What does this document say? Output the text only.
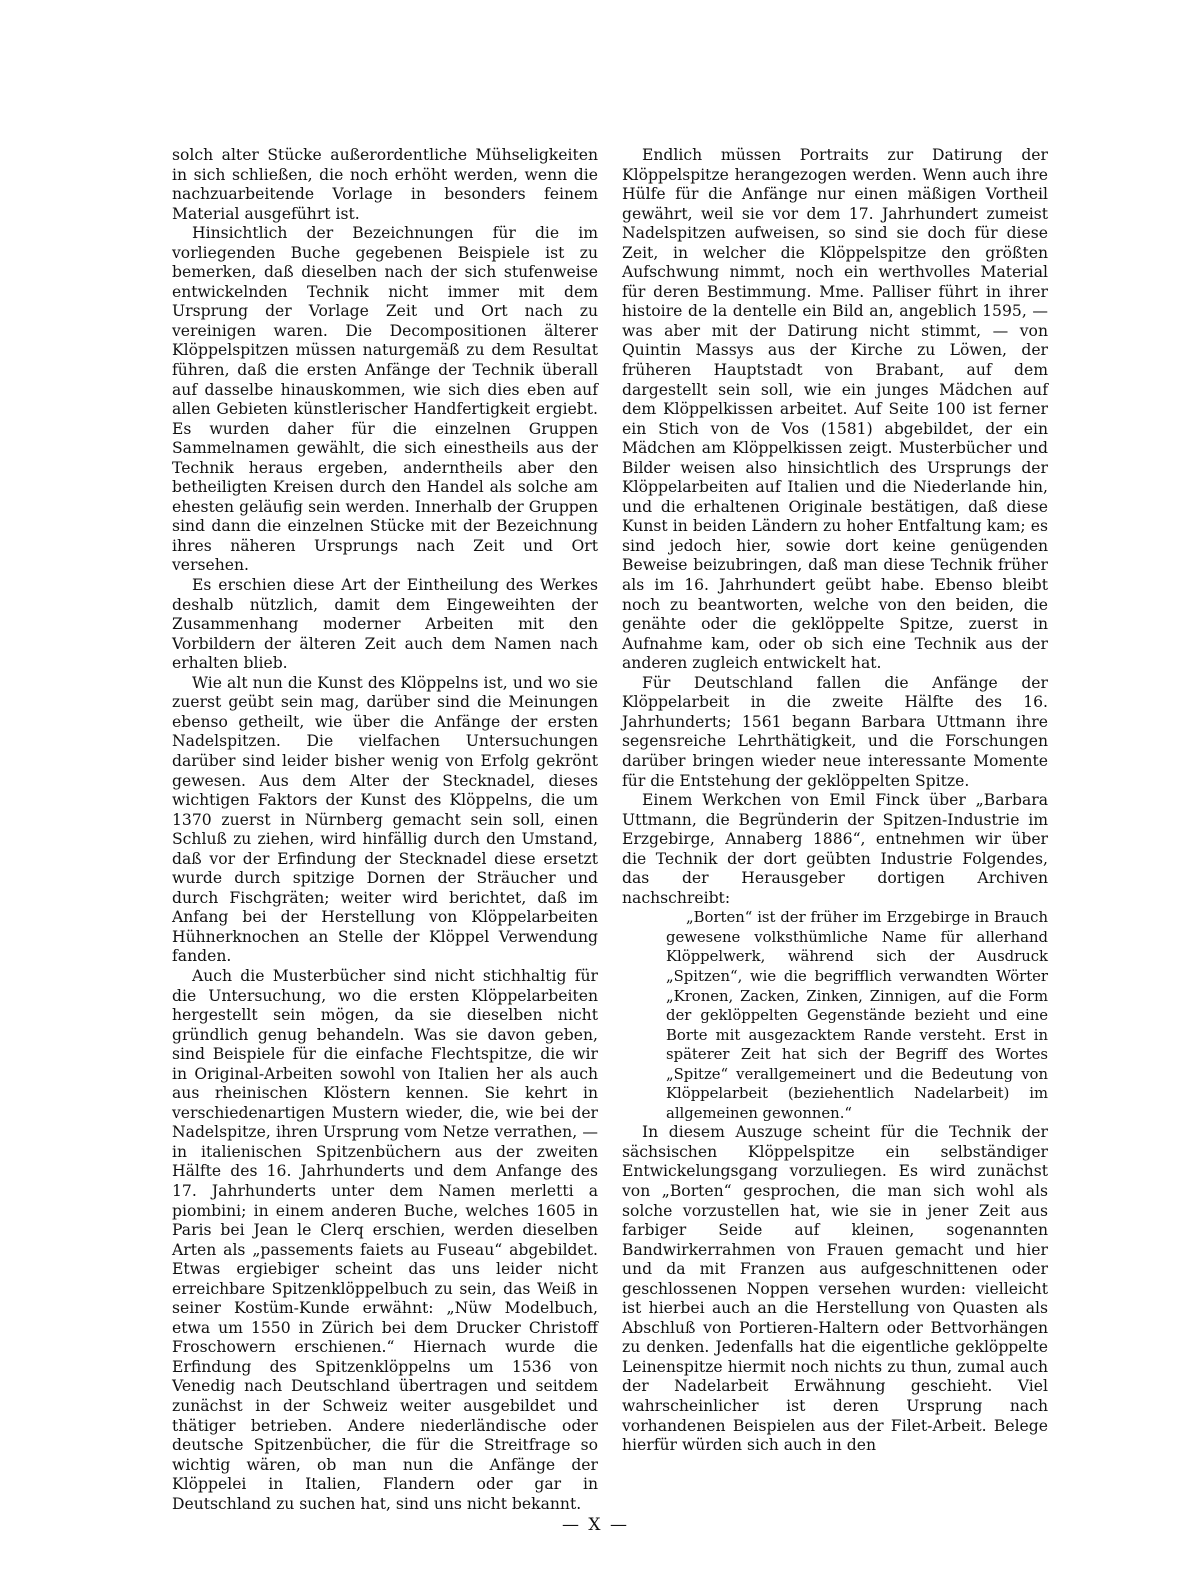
solch alter Stücke außerordentliche Mühseligkeiten in sich schließen, die noch erhöht werden, wenn die nachzuarbeitende Vorlage in besonders feinem Material ausgeführt ist.

Hinsichtlich der Bezeichnungen für die im vorliegenden Buche gegebenen Beispiele ist zu bemerken, daß dieselben nach der sich stufenweise entwickelnden Technik nicht immer mit dem Ursprung der Vorlage Zeit und Ort nach zu vereinigen waren. Die Decompositionen älterer Klöppelspitzen müssen naturgemäß zu dem Resultat führen, daß die ersten Anfänge der Technik überall auf dasselbe hinauskommen, wie sich dies eben auf allen Gebieten künstlerischer Handfertigkeit ergiebt. Es wurden daher für die einzelnen Gruppen Sammelnamen gewählt, die sich einestheils aus der Technik heraus ergeben, anderntheils aber den betheiligten Kreisen durch den Handel als solche am ehesten geläufig sein werden. Innerhalb der Gruppen sind dann die einzelnen Stücke mit der Bezeichnung ihres näheren Ursprungs nach Zeit und Ort versehen.

Es erschien diese Art der Eintheilung des Werkes deshalb nützlich, damit dem Eingeweihten der Zusammenhang moderner Arbeiten mit den Vorbildern der älteren Zeit auch dem Namen nach erhalten blieb.

Wie alt nun die Kunst des Klöppelns ist, und wo sie zuerst geübt sein mag, darüber sind die Meinungen ebenso getheilt, wie über die Anfänge der ersten Nadelspitzen. Die vielfachen Untersuchungen darüber sind leider bisher wenig von Erfolg gekrönt gewesen. Aus dem Alter der Stecknadel, dieses wichtigen Faktors der Kunst des Klöppelns, die um 1370 zuerst in Nürnberg gemacht sein soll, einen Schluß zu ziehen, wird hinfällig durch den Umstand, daß vor der Erfindung der Stecknadel diese ersetzt wurde durch spitzige Dornen der Sträucher und durch Fischgräten; weiter wird berichtet, daß im Anfang bei der Herstellung von Klöppelarbeiten Hühnerknochen an Stelle der Klöppel Verwendung fanden.

Auch die Musterbücher sind nicht stichhaltig für die Untersuchung, wo die ersten Klöppelarbeiten hergestellt sein mögen, da sie dieselben nicht gründlich genug behandeln. Was sie davon geben, sind Beispiele für die einfache Flechtspitze, die wir in Original-Arbeiten sowohl von Italien her als auch aus rheinischen Klöstern kennen. Sie kehrt in verschiedenartigen Mustern wieder, die, wie bei der Nadelspitze, ihren Ursprung vom Netze verrathen, — in italienischen Spitzenbüchern aus der zweiten Hälfte des 16. Jahrhunderts und dem Anfange des 17. Jahrhunderts unter dem Namen merletti a piombini; in einem anderen Buche, welches 1605 in Paris bei Jean le Clerq erschien, werden dieselben Arten als „passements faiets au Fuseau“ abgebildet. Etwas ergiebiger scheint das uns leider nicht erreichbare Spitzenklöppelbuch zu sein, das Weiß in seiner Kostüm-Kunde erwähnt: „Nüw Modelbuch, etwa um 1550 in Zürich bei dem Drucker Christoff Froschowern erschienen.“ Hiernach wurde die Erfindung des Spitzenklöppelns um 1536 von Venedig nach Deutschland übertragen und seitdem zunächst in der Schweiz weiter ausgebildet und thätiger betrieben. Andere niederländische oder deutsche Spitzenbücher, die für die Streitfrage so wichtig wären, ob man nun die Anfänge der Klöppelei in Italien, Flandern oder gar in Deutschland zu suchen hat, sind uns nicht bekannt.

Endlich müssen Portraits zur Datirung der Klöppelspitze herangezogen werden. Wenn auch ihre Hülfe für die Anfänge nur einen mäßigen Vortheil gewährt, weil sie vor dem 17. Jahrhundert zumeist Nadelspitzen aufweisen, so sind sie doch für diese Zeit, in welcher die Klöppelspitze den größten Aufschwung nimmt, noch ein werthvolles Material für deren Bestimmung. Mme. Palliser führt in ihrer histoire de la dentelle ein Bild an, angeblich 1595, — was aber mit der Datirung nicht stimmt, — von Quintin Massys aus der Kirche zu Löwen, der früheren Hauptstadt von Brabant, auf dem dargestellt sein soll, wie ein junges Mädchen auf dem Klöppelkissen arbeitet. Auf Seite 100 ist ferner ein Stich von de Vos (1581) abgebildet, der ein Mädchen am Klöppelkissen zeigt. Musterbücher und Bilder weisen also hinsichtlich des Ursprungs der Klöppelarbeiten auf Italien und die Niederlande hin, und die erhaltenen Originale bestätigen, daß diese Kunst in beiden Ländern zu hoher Entfaltung kam; es sind jedoch hier, sowie dort keine genügenden Beweise beizubringen, daß man diese Technik früher als im 16. Jahrhundert geübt habe. Ebenso bleibt noch zu beantworten, welche von den beiden, die genähte oder die geklöppelte Spitze, zuerst in Aufnahme kam, oder ob sich eine Technik aus der anderen zugleich entwickelt hat.

Für Deutschland fallen die Anfänge der Klöppelarbeit in die zweite Hälfte des 16. Jahrhunderts; 1561 begann Barbara Uttmann ihre segensreiche Lehrthätigkeit, und die Forschungen darüber bringen wieder neue interessante Momente für die Entstehung der geklöppelten Spitze.

Einem Werkchen von Emil Finck über „Barbara Uttmann, die Begründerin der Spitzen-Industrie im Erzgebirge, Annaberg 1886“, entnehmen wir über die Technik der dort geübten Industrie Folgendes, das der Herausgeber dortigen Archiven nachschreibt:

„Borten“ ist der früher im Erzgebirge in Brauch gewesene volksthümliche Name für allerhand Klöppelwerk, während sich der Ausdruck „Spitzen“, wie die begrifflich verwandten Wörter „Kronen, Zacken, Zinken, Zinnigen, auf die Form der geklöppelten Gegenstände bezieht und eine Borte mit ausgezacktem Rande versteht. Erst in späterer Zeit hat sich der Begriff des Wortes „Spitze“ verallgemeinert und die Bedeutung von Klöppelarbeit (beziehentlich Nadelarbeit) im allgemeinen gewonnen.“

In diesem Auszuge scheint für die Technik der sächsischen Klöppelspitze ein selbständiger Entwickelungsgang vorzuliegen. Es wird zunächst von „Borten“ gesprochen, die man sich wohl als solche vorzustellen hat, wie sie in jener Zeit aus farbiger Seide auf kleinen, sogenannten Bandwirkerrahmen von Frauen gemacht und hier und da mit Franzen aus aufgeschnittenen oder geschlossenen Noppen versehen wurden: vielleicht ist hierbei auch an die Herstellung von Quasten als Abschluß von Portieren-Haltern oder Bettvorhängen zu denken. Jedenfalls hat die eigentliche geklöppelte Leinenspitze hiermit noch nichts zu thun, zumal auch der Nadelarbeit Erwähnung geschieht. Viel wahrscheinlicher ist deren Ursprung nach vorhandenen Beispielen aus der Filet-Arbeit. Belege hierfür würden sich auch in den

— X —
